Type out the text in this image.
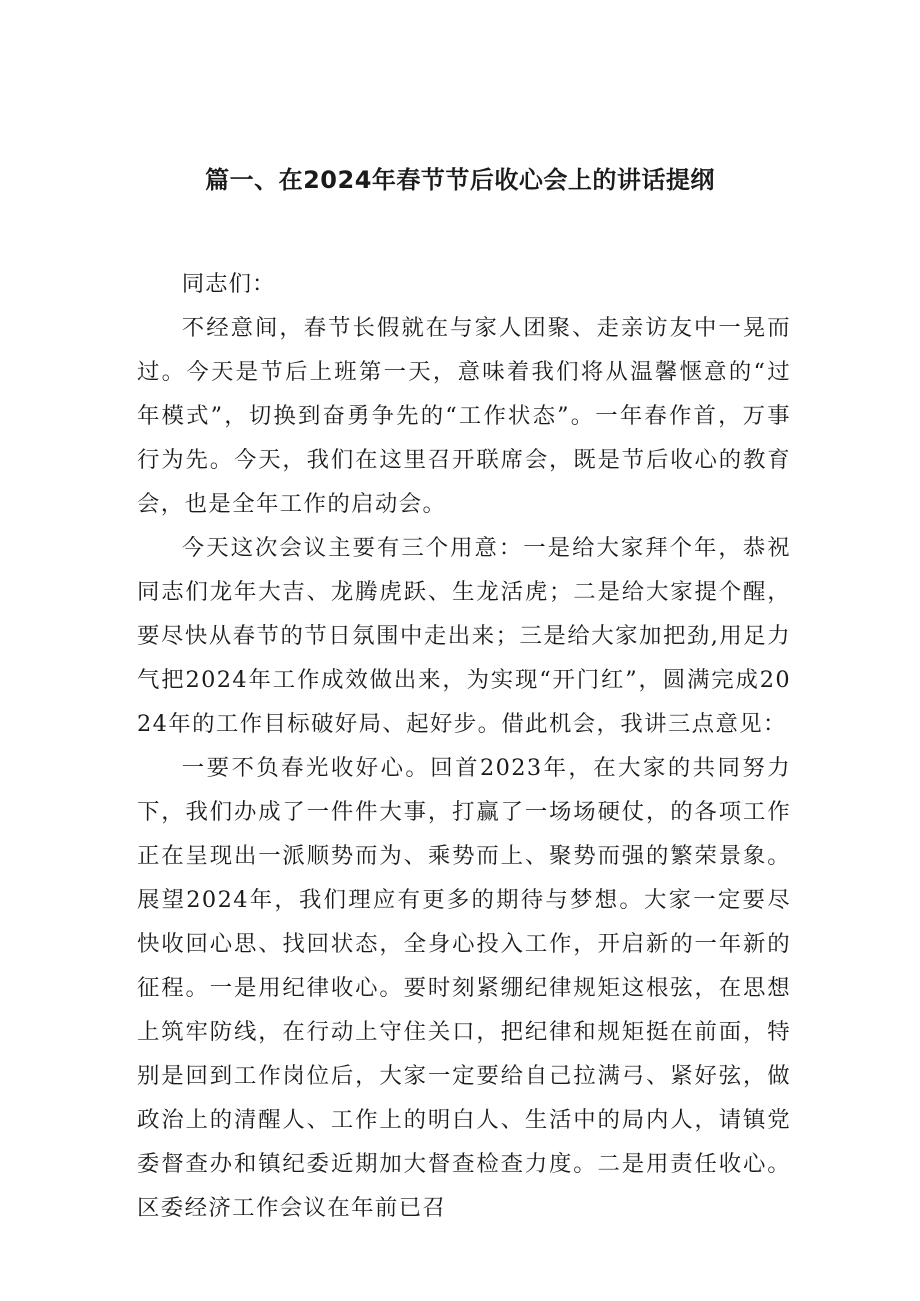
篇一、在2024年春节节后收心会上的讲话提纲

同志们：

不经意间，春节长假就在与家人团聚、走亲访友中一晃而过。今天是节后上班第一天，意味着我们将从温馨惬意的“过年模式”，切换到奋勇争先的“工作状态”。一年春作首，万事行为先。今天，我们在这里召开联席会，既是节后收心的教育会，也是全年工作的启动会。

今天这次会议主要有三个用意：一是给大家拜个年，恭祝同志们龙年大吉、龙腾虎跃、生龙活虎；二是给大家提个醒，要尽快从春节的节日氛围中走出来；三是给大家加把劲,用足力气把2024年工作成效做出来，为实现“开门红”，圆满完成2024年的工作目标破好局、起好步。借此机会，我讲三点意见：

一要不负春光收好心。回首2023年，在大家的共同努力下，我们办成了一件件大事，打赢了一场场硬仗，的各项工作正在呈现出一派顺势而为、乘势而上、聚势而强的繁荣景象。展望2024年，我们理应有更多的期待与梦想。大家一定要尽快收回心思、找回状态，全身心投入工作，开启新的一年新的征程。一是用纪律收心。要时刻紧绷纪律规矩这根弦，在思想上筑牢防线，在行动上守住关口，把纪律和规矩挺在前面，特别是回到工作岗位后，大家一定要给自己拉满弓、紧好弦，做政治上的清醒人、工作上的明白人、生活中的局内人，请镇党委督查办和镇纪委近期加大督查检查力度。二是用责任收心。区委经济工作会议在年前已召
